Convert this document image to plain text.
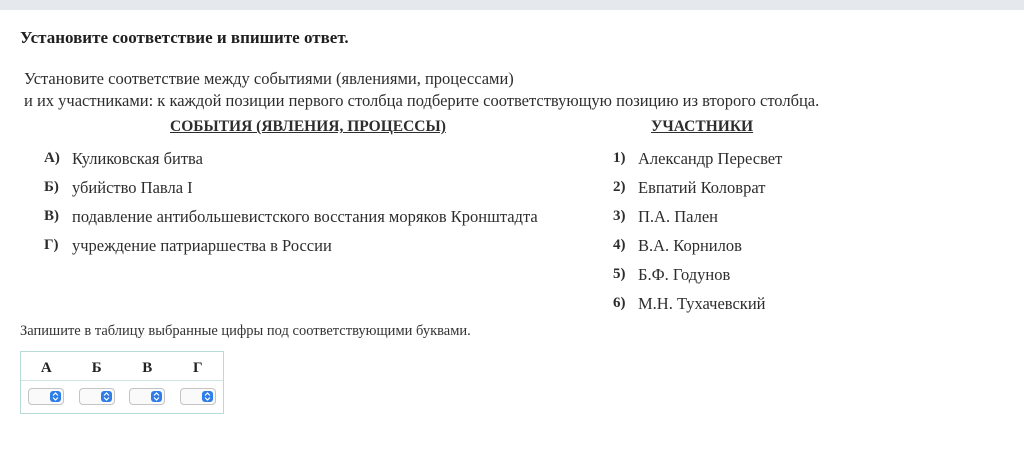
Установите соответствие и впишите ответ.
Установите соответствие между событиями (явлениями, процессами)
и их участниками: к каждой позиции первого столбца подберите соответствующую позицию из второго столбца.
СОБЫТИЯ (ЯВЛЕНИЯ, ПРОЦЕССЫ)	УЧАСТНИКИ
А) Куликовская битва
Б) убийство Павла I
В) подавление антибольшевистского восстания моряков Кронштадта
Г) учреждение патриаршества в России
1) Александр Пересвет
2) Евпатий Коловрат
3) П.А. Пален
4) В.А. Корнилов
5) Б.Ф. Годунов
6) М.Н. Тухачевский
Запишите в таблицу выбранные цифры под соответствующими буквами.
А	Б	В	Г
